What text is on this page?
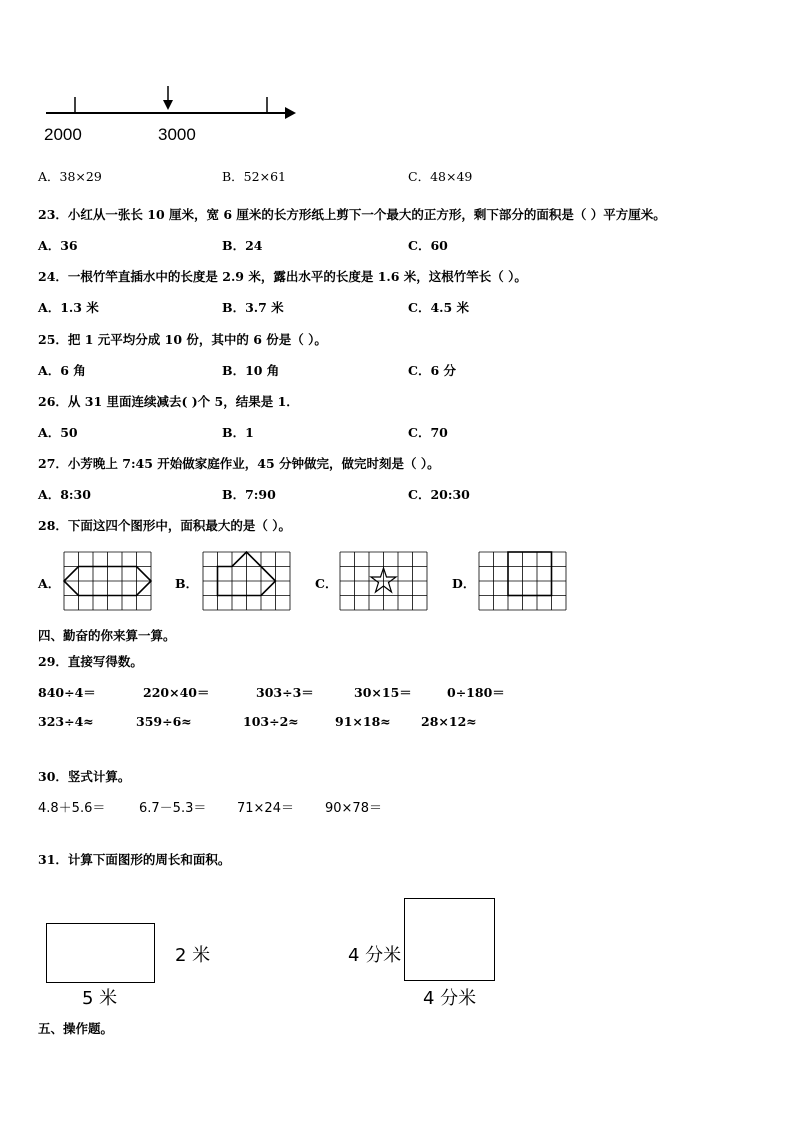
2000	3000
A．38×29	B．52×61	C．48×49
23．小红从一张长 10 厘米，宽 6 厘米的长方形纸上剪下一个最大的正方形，剩下部分的面积是（ ）平方厘米。
A．36	B．24	C．60
24．一根竹竿直插水中的长度是 2.9 米，露出水平的长度是 1.6 米，这根竹竿长（ ）。
A．1.3 米	B．3.7 米	C．4.5 米
25．把 1 元平均分成 10 份，其中的 6 份是（ ）。
A．6 角	B．10 角	C．6 分
26．从 31 里面连续减去( )个 5，结果是 1．
A．50	B．1	C．70
27．小芳晚上 7:45 开始做家庭作业，45 分钟做完，做完时刻是（ ）。
A．8:30	B．7:90	C．20:30
28．下面这四个图形中，面积最大的是（ ）。
A．	B．	C．	D．
四、勤奋的你来算一算。
29．直接写得数。
840÷4＝	220×40＝	303÷3＝	30×15＝	0÷180＝
323÷4≈	359÷6≈	103÷2≈	91×18≈ 28×12≈
30．竖式计算。
4.8＋5.6＝	6.7－5.3＝ 71×24＝ 90×78＝
31．计算下面图形的周长和面积。
2 米
5 米
4 分米
4 分米
五、操作题。
